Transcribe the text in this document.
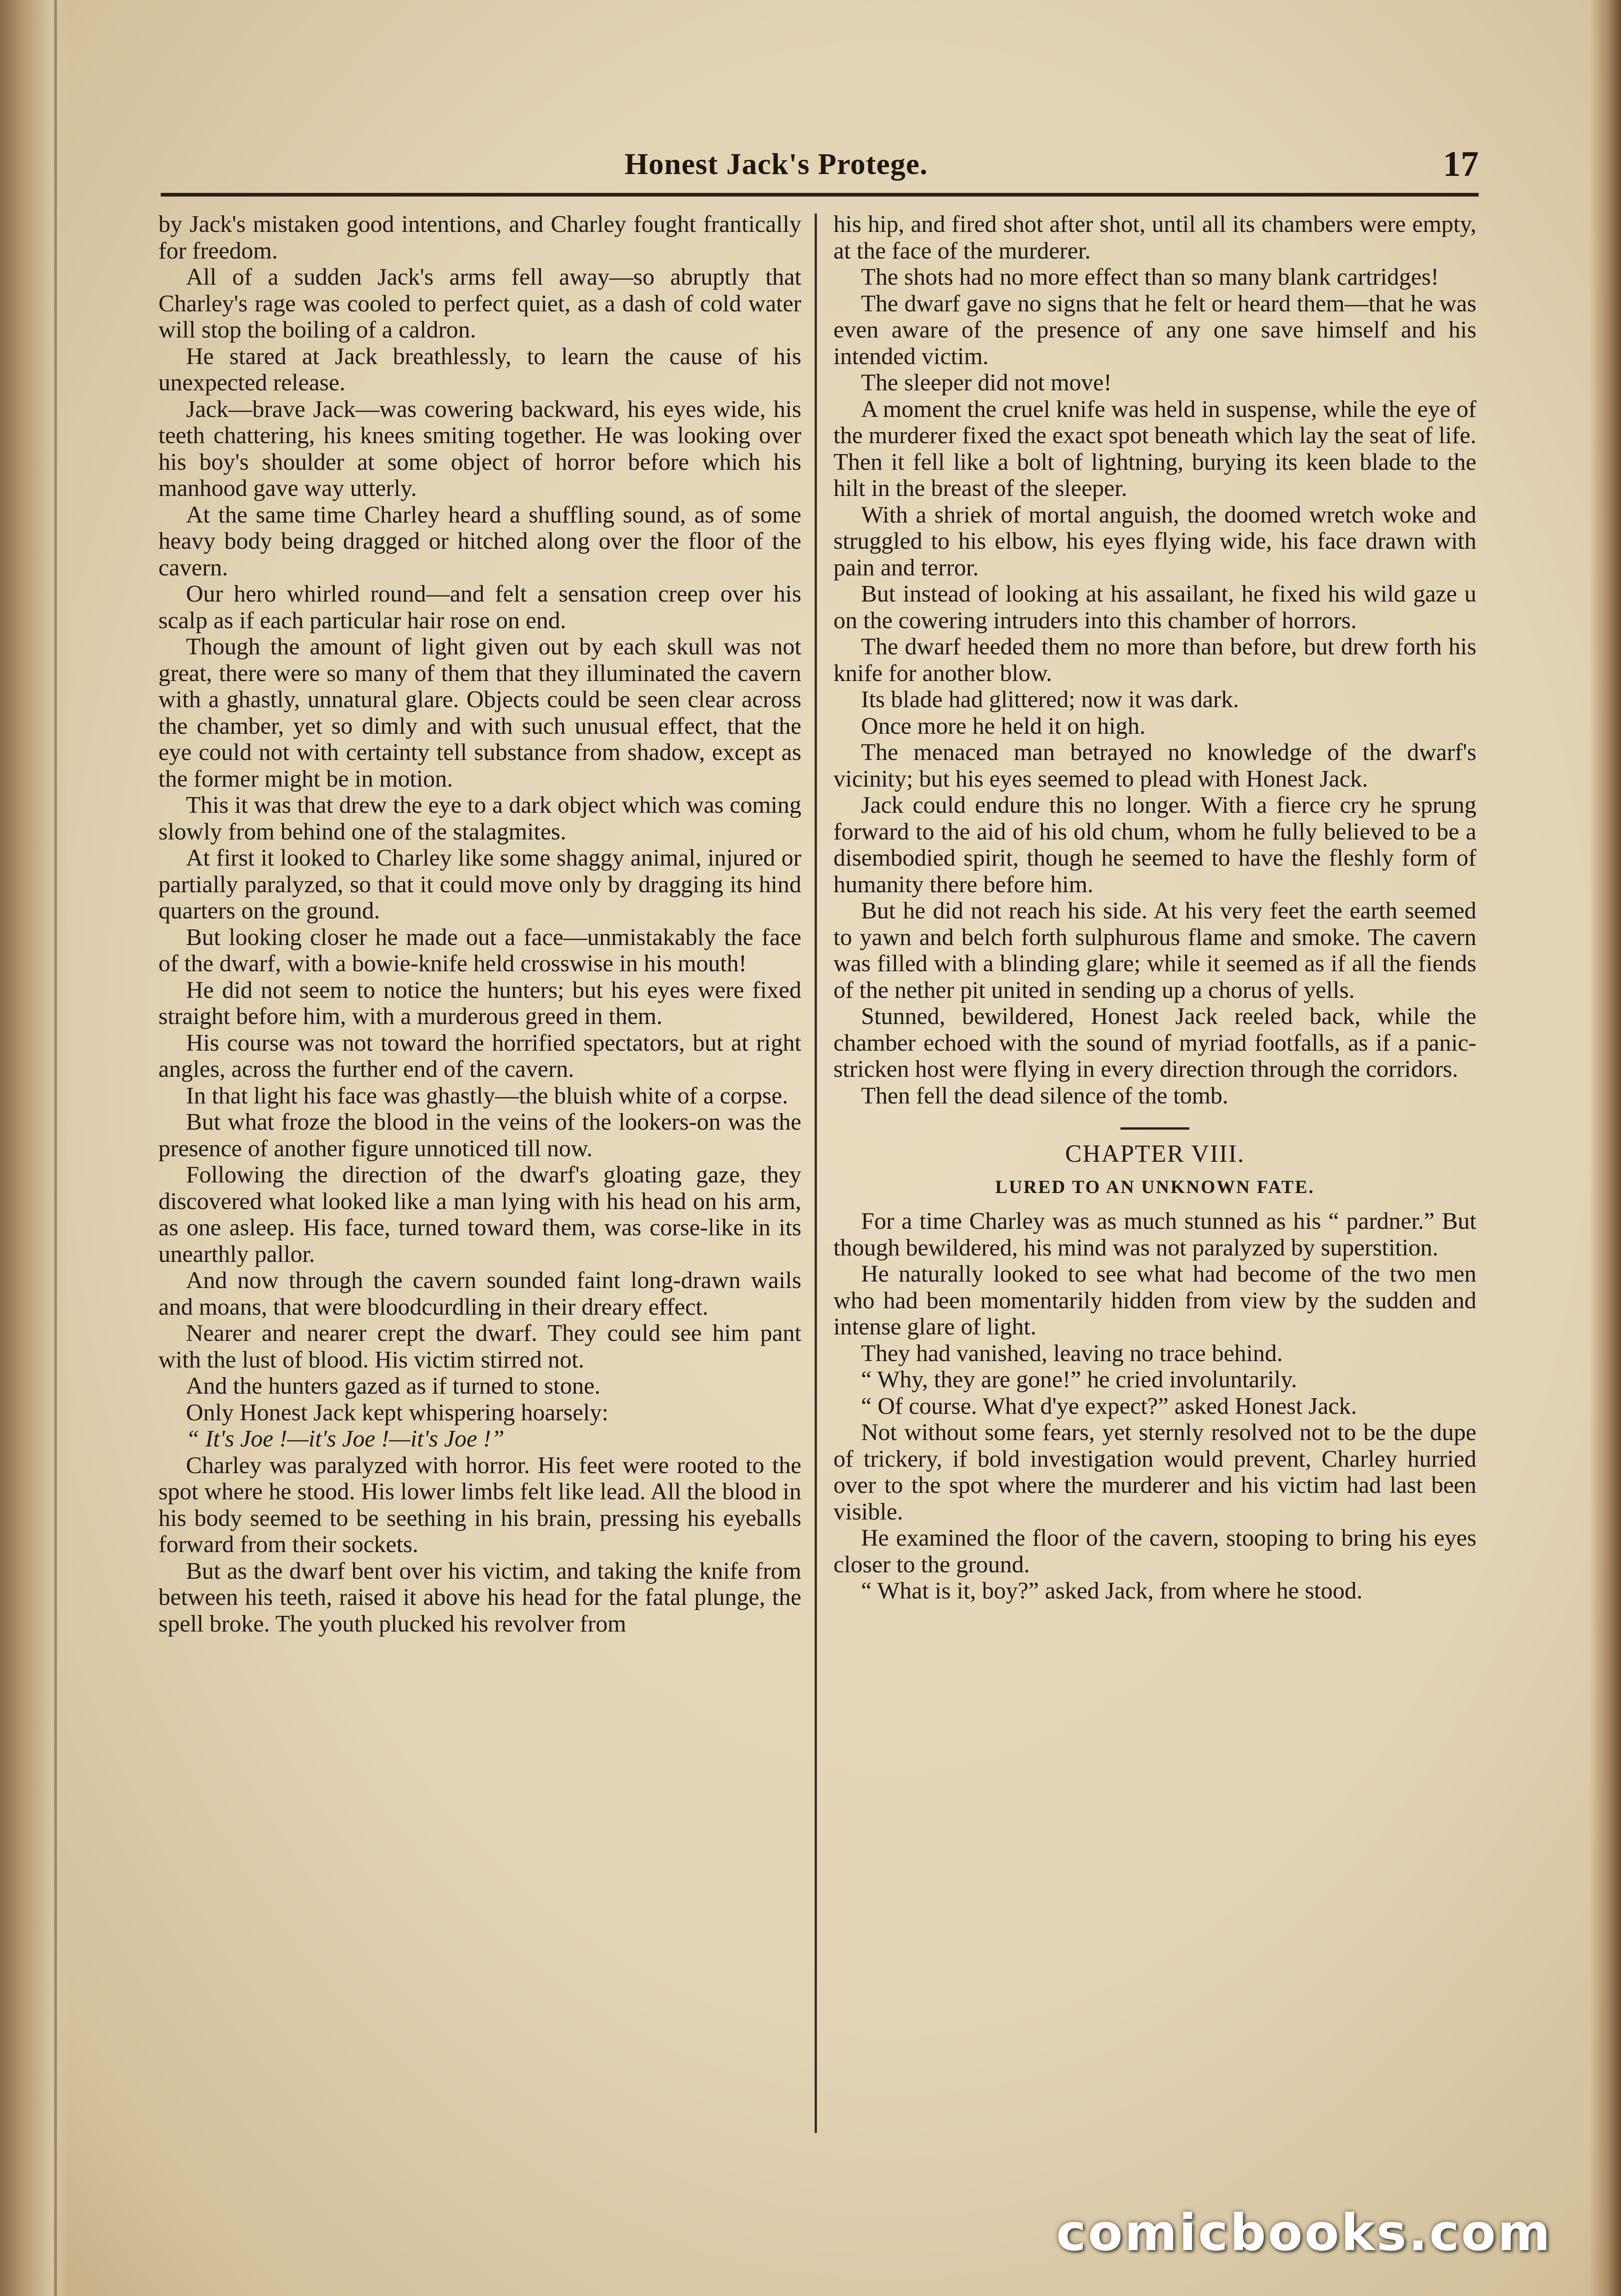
Honest Jack's Protege.	17

by Jack's mistaken good intentions, and Charley fought frantically for freedom.

All of a sudden Jack's arms fell away—so abruptly that Charley's rage was cooled to perfect quiet, as a dash of cold water will stop the boiling of a caldron.

He stared at Jack breathlessly, to learn the cause of his unexpected release.

Jack—brave Jack—was cowering backward, his eyes wide, his teeth chattering, his knees smiting together. He was looking over his boy's shoulder at some object of horror before which his manhood gave way utterly.

At the same time Charley heard a shuffling sound, as of some heavy body being dragged or hitched along over the floor of the cavern.

Our hero whirled round—and felt a sensation creep over his scalp as if each particular hair rose on end.

Though the amount of light given out by each skull was not great, there were so many of them that they illuminated the cavern with a ghastly, unnatural glare. Objects could be seen clear across the chamber, yet so dimly and with such unusual effect, that the eye could not with certainty tell substance from shadow, except as the former might be in motion.

This it was that drew the eye to a dark object which was coming slowly from behind one of the stalagmites.

At first it looked to Charley like some shaggy animal, injured or partially paralyzed, so that it could move only by dragging its hind quarters on the ground.

But looking closer he made out a face—unmistakably the face of the dwarf, with a bowie-knife held crosswise in his mouth!

He did not seem to notice the hunters; but his eyes were fixed straight before him, with a murderous greed in them.

His course was not toward the horrified spectators, but at right angles, across the further end of the cavern.

In that light his face was ghastly—the bluish white of a corpse.

But what froze the blood in the veins of the lookers-on was the presence of another figure unnoticed till now.

Following the direction of the dwarf's gloating gaze, they discovered what looked like a man lying with his head on his arm, as one asleep. His face, turned toward them, was corse-like in its unearthly pallor.

And now through the cavern sounded faint long-drawn wails and moans, that were bloodcurdling in their dreary effect.

Nearer and nearer crept the dwarf. They could see him pant with the lust of blood. His victim stirred not.

And the hunters gazed as if turned to stone.

Only Honest Jack kept whispering hoarsely:

“ It's Joe !—it's Joe !—it's Joe !”

Charley was paralyzed with horror. His feet were rooted to the spot where he stood. His lower limbs felt like lead. All the blood in his body seemed to be seething in his brain, pressing his eyeballs forward from their sockets.

But as the dwarf bent over his victim, and taking the knife from between his teeth, raised it above his head for the fatal plunge, the spell broke. The youth plucked his revolver from

his hip, and fired shot after shot, until all its chambers were empty, at the face of the murderer.

The shots had no more effect than so many blank cartridges!

The dwarf gave no signs that he felt or heard them—that he was even aware of the presence of any one save himself and his intended victim.

The sleeper did not move!

A moment the cruel knife was held in suspense, while the eye of the murderer fixed the exact spot beneath which lay the seat of life. Then it fell like a bolt of lightning, burying its keen blade to the hilt in the breast of the sleeper.

With a shriek of mortal anguish, the doomed wretch woke and struggled to his elbow, his eyes flying wide, his face drawn with pain and terror.

But instead of looking at his assailant, he fixed his wild gaze u on the cowering intruders into this chamber of horrors.

The dwarf heeded them no more than before, but drew forth his knife for another blow.

Its blade had glittered; now it was dark.

Once more he held it on high.

The menaced man betrayed no knowledge of the dwarf's vicinity; but his eyes seemed to plead with Honest Jack.

Jack could endure this no longer. With a fierce cry he sprung forward to the aid of his old chum, whom he fully believed to be a disembodied spirit, though he seemed to have the fleshly form of humanity there before him.

But he did not reach his side. At his very feet the earth seemed to yawn and belch forth sulphurous flame and smoke. The cavern was filled with a blinding glare; while it seemed as if all the fiends of the nether pit united in sending up a chorus of yells.

Stunned, bewildered, Honest Jack reeled back, while the chamber echoed with the sound of myriad footfalls, as if a panic-stricken host were flying in every direction through the corridors.

Then fell the dead silence of the tomb.

CHAPTER VIII.
LURED TO AN UNKNOWN FATE.

For a time Charley was as much stunned as his “ pardner.” But though bewildered, his mind was not paralyzed by superstition.

He naturally looked to see what had become of the two men who had been momentarily hidden from view by the sudden and intense glare of light.

They had vanished, leaving no trace behind.

“ Why, they are gone!” he cried involuntarily.

“ Of course. What d'ye expect?” asked Honest Jack.

Not without some fears, yet sternly resolved not to be the dupe of trickery, if bold investigation would prevent, Charley hurried over to the spot where the murderer and his victim had last been visible.

He examined the floor of the cavern, stooping to bring his eyes closer to the ground.

“ What is it, boy?” asked Jack, from where he stood.

comicbooks.com
